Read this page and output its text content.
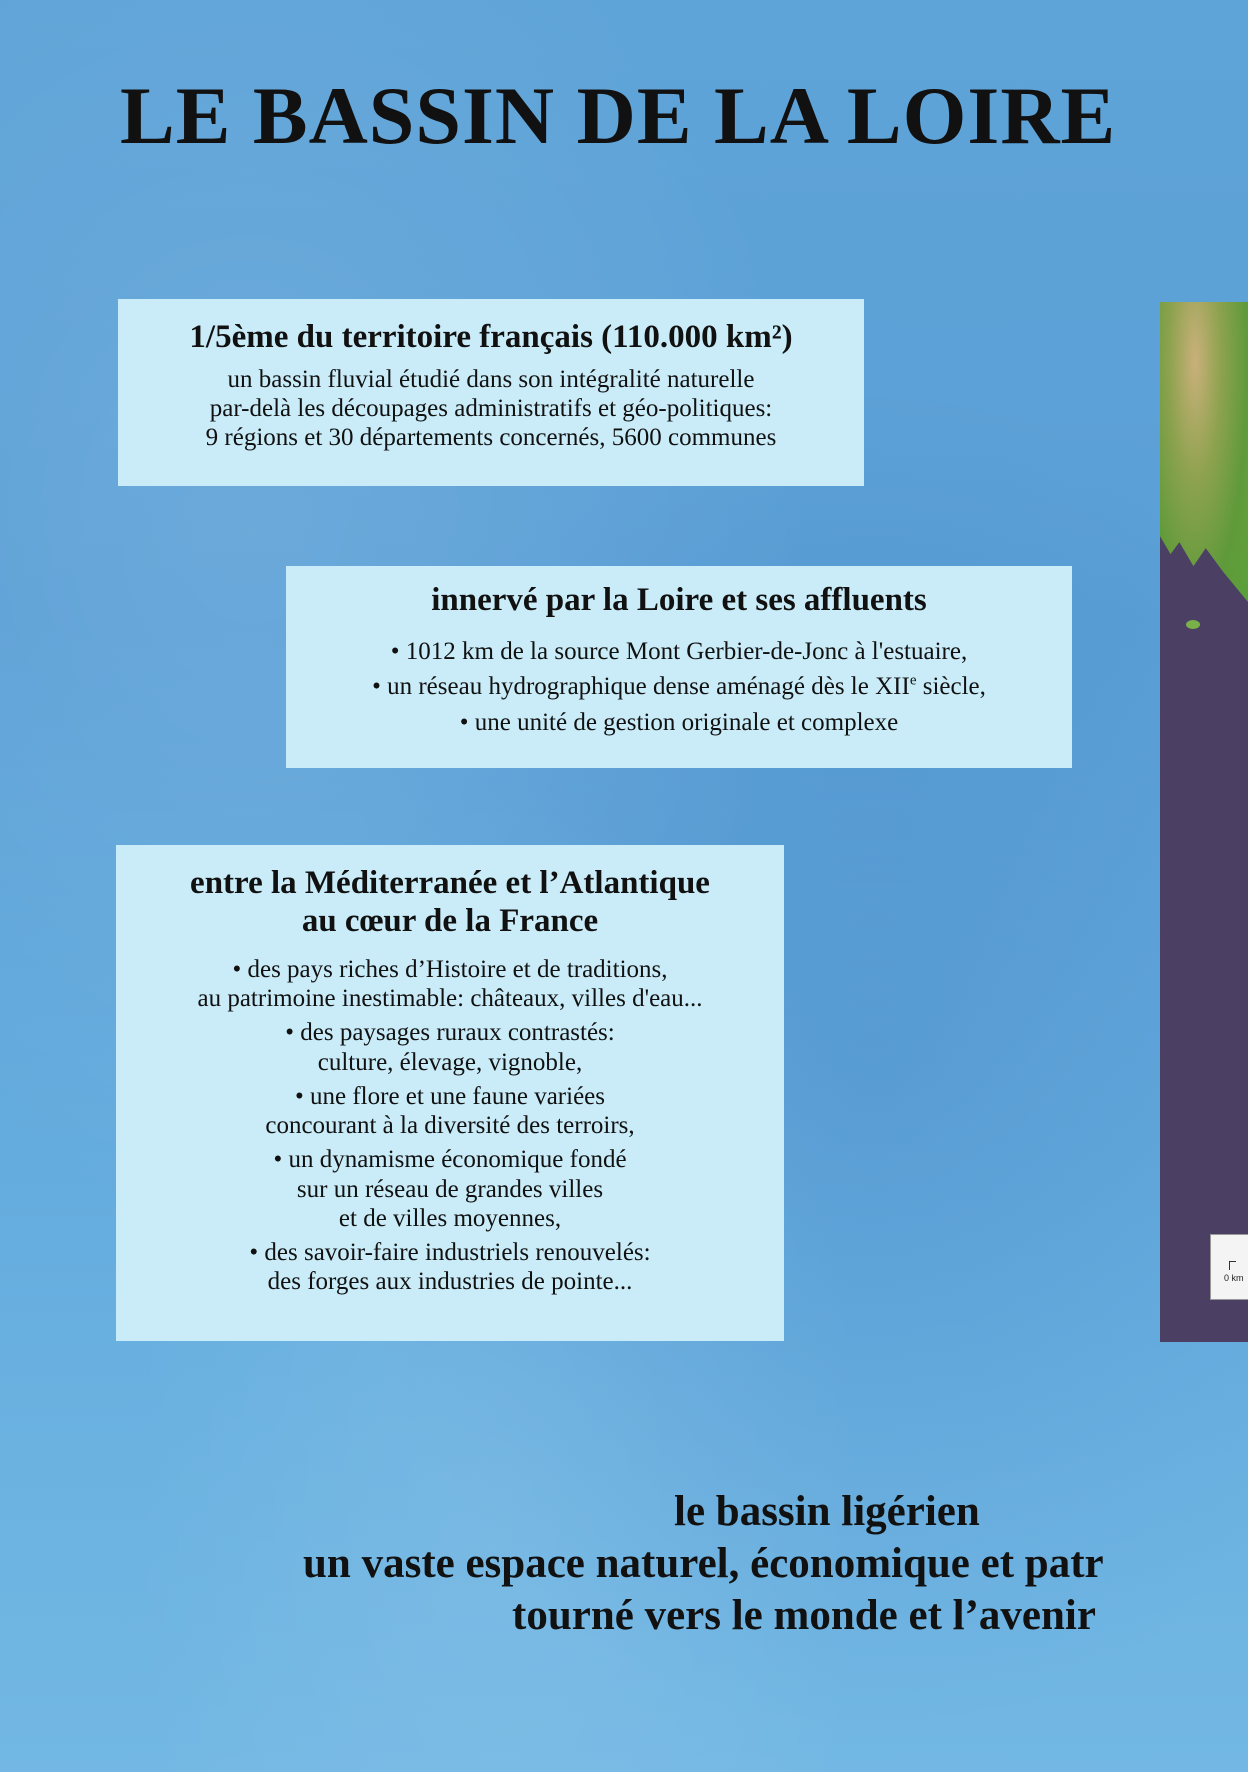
LE BASSIN DE LA LOIRE
1/5ème du territoire français (110.000 km²)

un bassin fluvial étudié dans son intégralité naturelle

par-delà les découpages administratifs et géo-politiques:

9 régions et 30 départements concernés, 5600 communes

innervé par la Loire et ses affluents

• 1012 km de la source Mont Gerbier-de-Jonc à l'estuaire,

• un réseau hydrographique dense aménagé dès le XIIe siècle,

• une unité de gestion originale et complexe

entre la Méditerranée et l’Atlantique
au cœur de la France

• des pays riches d’Histoire et de traditions,

au patrimoine inestimable: châteaux, villes d'eau...

• des paysages ruraux contrastés:

culture, élevage, vignoble,

• une flore et une faune variées

concourant à la diversité des terroirs,

• un dynamisme économique fondé

sur un réseau de grandes villes

et de villes moyennes,

• des savoir-faire industriels renouvelés:

des forges aux industries de pointe...	0 km

le bassin ligérien

un vaste espace naturel, économique et patr

tourné vers le monde et l’avenir
